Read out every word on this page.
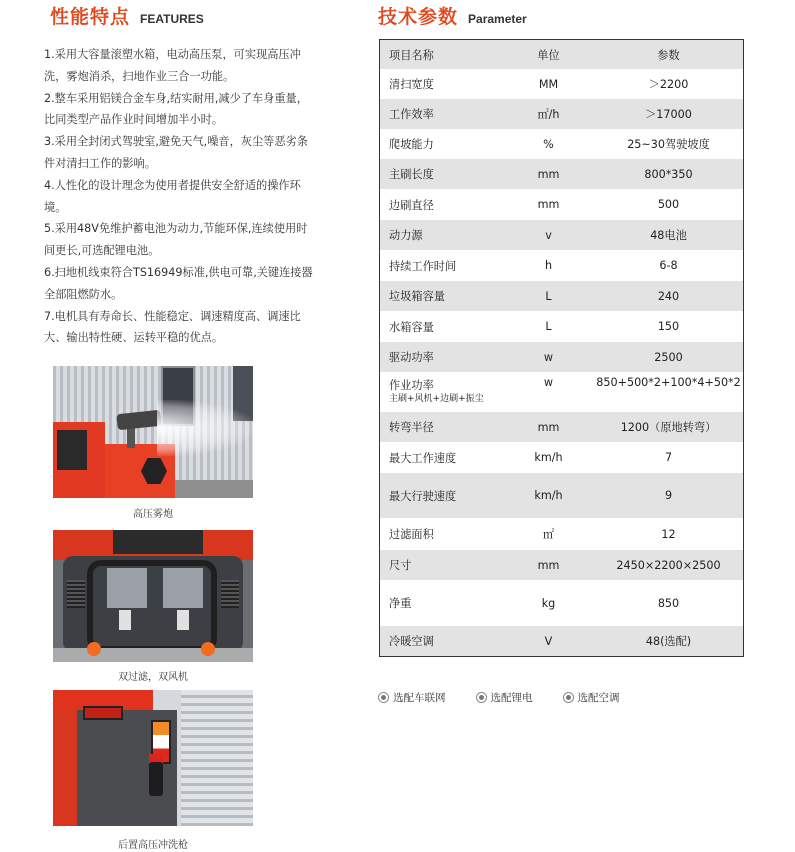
性能特点 FEATURES	技术参数 Parameter

1.采用大容量滚塑水箱，电动高压泵，可实现高压冲洗，雾炮消杀，扫地作业三合一功能。

2.整车采用铝镁合金车身,结实耐用,减少了车身重量，比同类型产品作业时间增加半小时。

3.采用全封闭式驾驶室,避免天气,噪音，灰尘等恶劣条件对清扫工作的影响。

4.人性化的设计理念为使用者提供安全舒适的操作环境。

5.采用48V免维护蓄电池为动力,节能环保,连续使用时间更长,可选配锂电池。

6.扫地机线束符合TS16949标准,供电可靠,关键连接器全部阻燃防水。

7.电机具有寿命长、性能稳定、调速精度高、调速比大、输出特性硬、运转平稳的优点。

高压雾炮
双过滤，双风机
后置高压冲洗枪
项目名称	单位	参数
清扫宽度	MM	＞2200
工作效率	㎡/h	＞17000
爬坡能力	%	25~30驾驶坡度
主刷长度	mm	800*350
边刷直径	mm	500
动力源	v	48电池
持续工作时间	h	6-8
垃圾箱容量	L	240
水箱容量	L	150
驱动功率	w	2500
作业功率
主刷+风机+边刷+振尘
w	850+500*2+100*4+50*2
转弯半径	mm	1200（原地转弯）
最大工作速度	km/h	7
最大行驶速度	km/h	9
过滤面积	㎡	12
尺寸	mm	2450×2200×2500
净重	kg	850
冷暖空调	V	48(选配)
选配车联网	选配锂电	选配空调
